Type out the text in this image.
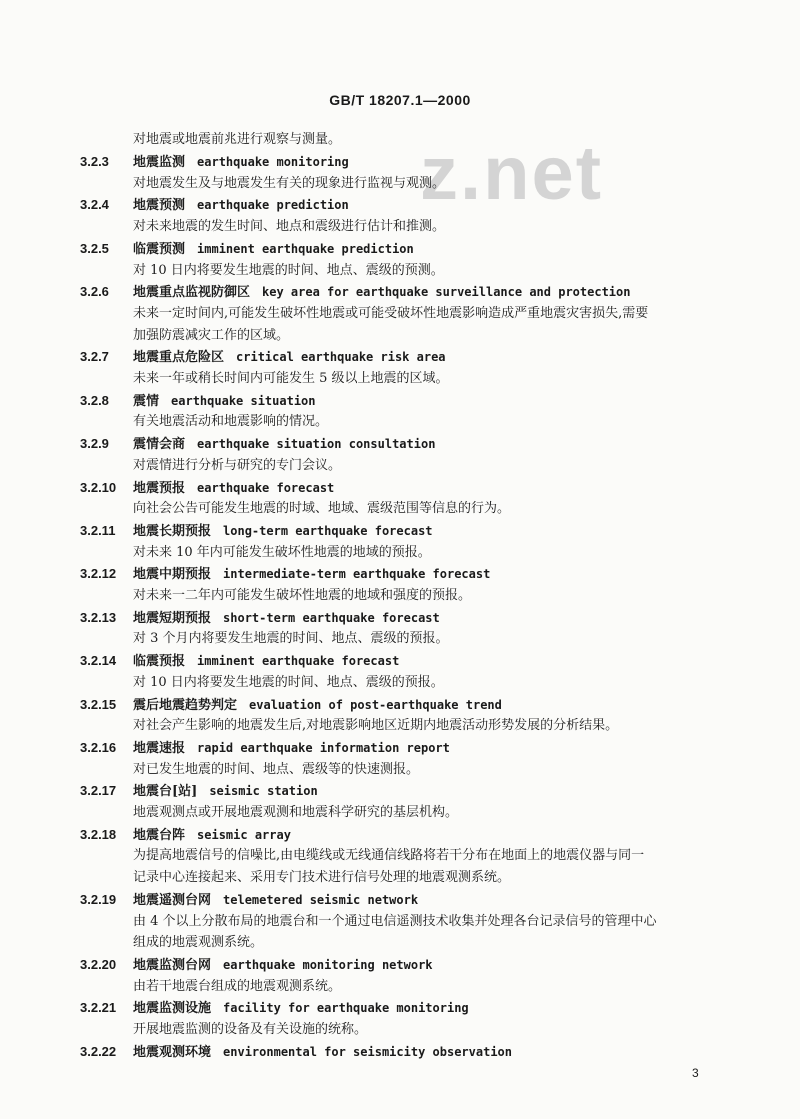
GB/T 18207.1—2000
z.net
对地震或地震前兆进行观察与测量。
3.2.3 地震监测 earthquake monitoring
对地震发生及与地震发生有关的现象进行监视与观测。
3.2.4 地震预测 earthquake prediction
对未来地震的发生时间、地点和震级进行估计和推测。
3.2.5 临震预测 imminent earthquake prediction
对 10 日内将要发生地震的时间、地点、震级的预测。
3.2.6 地震重点监视防御区 key area for earthquake surveillance and protection
未来一定时间内,可能发生破坏性地震或可能受破坏性地震影响造成严重地震灾害损失,需要
加强防震减灾工作的区域。
3.2.7 地震重点危险区 critical earthquake risk area
未来一年或稍长时间内可能发生 5 级以上地震的区域。
3.2.8 震情 earthquake situation
有关地震活动和地震影响的情况。
3.2.9 震情会商 earthquake situation consultation
对震情进行分析与研究的专门会议。
3.2.10 地震预报 earthquake forecast
向社会公告可能发生地震的时域、地域、震级范围等信息的行为。
3.2.11 地震长期预报 long-term earthquake forecast
对未来 10 年内可能发生破坏性地震的地域的预报。
3.2.12 地震中期预报 intermediate-term earthquake forecast
对未来一二年内可能发生破坏性地震的地域和强度的预报。
3.2.13 地震短期预报 short-term earthquake forecast
对 3 个月内将要发生地震的时间、地点、震级的预报。
3.2.14 临震预报 imminent earthquake forecast
对 10 日内将要发生地震的时间、地点、震级的预报。
3.2.15 震后地震趋势判定 evaluation of post-earthquake trend
对社会产生影响的地震发生后,对地震影响地区近期内地震活动形势发展的分析结果。
3.2.16 地震速报 rapid earthquake information report
对已发生地震的时间、地点、震级等的快速测报。
3.2.17 地震台[站] seismic station
地震观测点或开展地震观测和地震科学研究的基层机构。
3.2.18 地震台阵 seismic array
为提高地震信号的信噪比,由电缆线或无线通信线路将若干分布在地面上的地震仪器与同一
记录中心连接起来、采用专门技术进行信号处理的地震观测系统。
3.2.19 地震遥测台网 telemetered seismic network
由 4 个以上分散布局的地震台和一个通过电信遥测技术收集并处理各台记录信号的管理中心
组成的地震观测系统。
3.2.20 地震监测台网 earthquake monitoring network
由若干地震台组成的地震观测系统。
3.2.21 地震监测设施 facility for earthquake monitoring
开展地震监测的设备及有关设施的统称。
3.2.22 地震观测环境 environmental for seismicity observation
3
